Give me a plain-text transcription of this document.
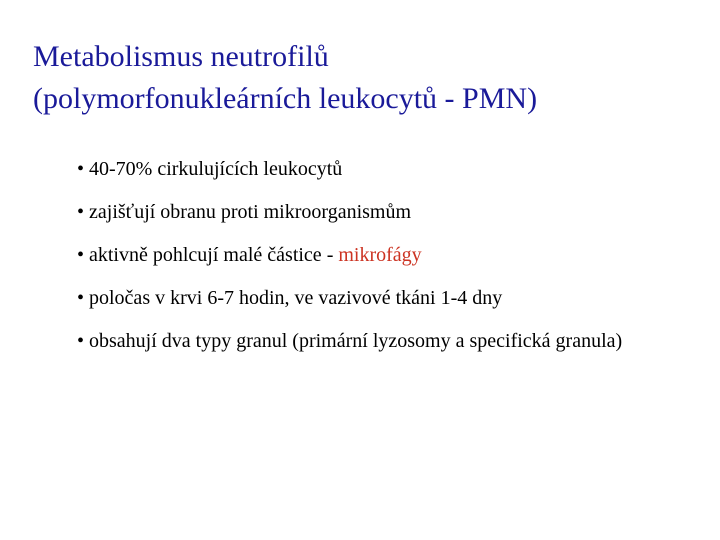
Metabolismus neutrofilů
(polymorfonukleárních leukocytů - PMN)
• 40-70% cirkulujících leukocytů
• zajišťují obranu proti mikroorganismům
• aktivně pohlcují malé částice - mikrofágy
• poločas v krvi 6-7 hodin, ve vazivové tkáni 1-4 dny
• obsahují dva typy granul (primární lyzosomy a specifická granula)
